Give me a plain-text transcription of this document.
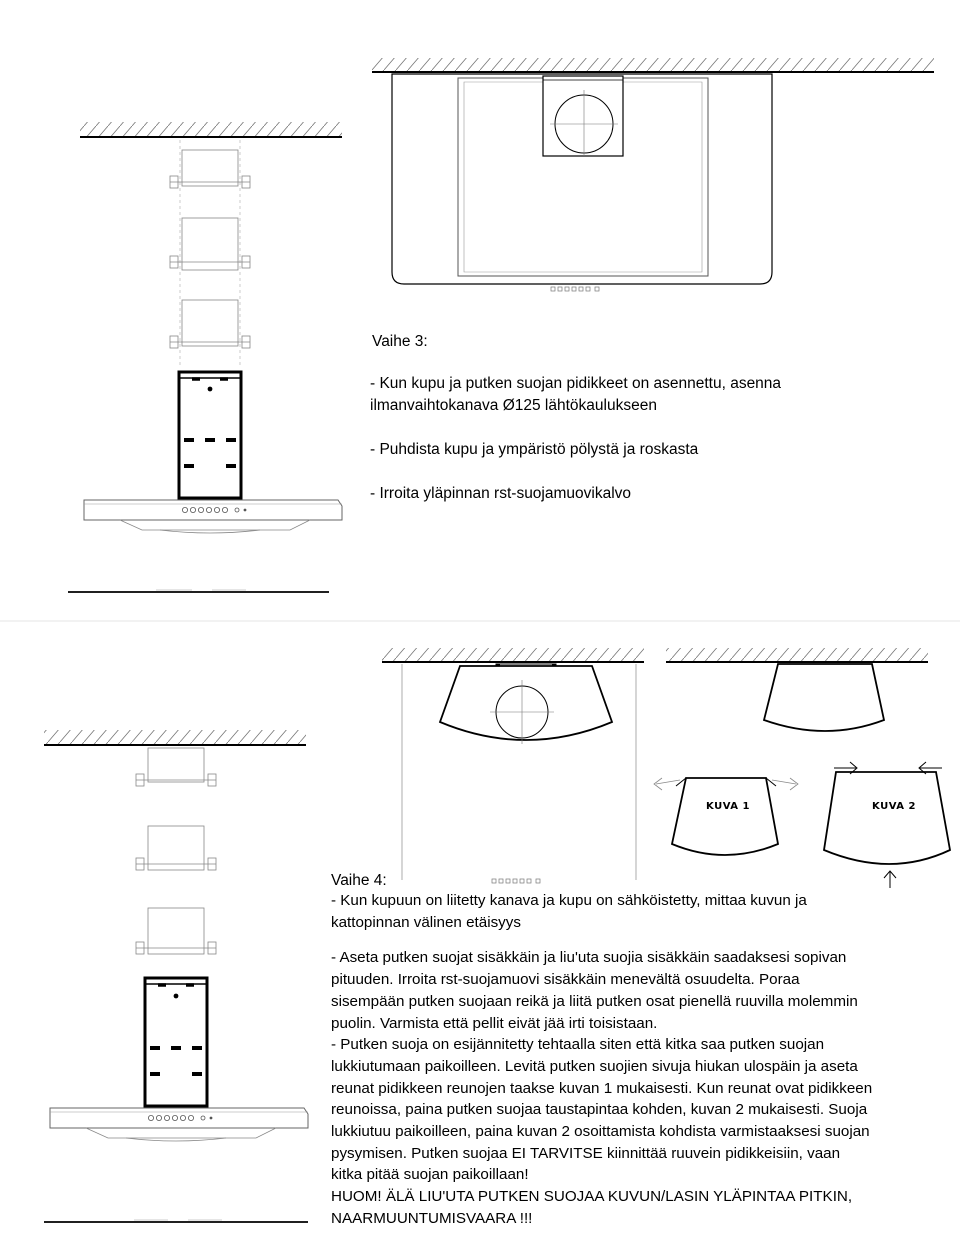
KUVA 1	KUVA 2
Vaihe 3:
- Kun kupu ja putken suojan pidikkeet on asennettu, asenna
ilmanvaihtokanava Ø125 lähtökaulukseen
- Puhdista kupu ja ympäristö pölystä ja roskasta
- Irroita yläpinnan rst-suojamuovikalvo
Vaihe 4:
- Kun kupuun on liitetty kanava ja kupu on sähköistetty, mittaa kuvun ja
kattopinnan välinen etäisyys
- Aseta putken suojat sisäkkäin ja liu'uta suojia sisäkkäin saadaksesi sopivan
pituuden. Irroita rst-suojamuovi sisäkkäin menevältä osuudelta. Poraa
sisempään putken suojaan reikä ja liitä putken osat pienellä ruuvilla molemmin
puolin. Varmista että pellit eivät jää irti toisistaan.
- Putken suoja on esijännitetty tehtaalla siten että kitka saa putken suojan
lukkiutumaan paikoilleen. Levitä putken suojien sivuja hiukan ulospäin ja aseta
reunat pidikkeen reunojen taakse kuvan 1 mukaisesti. Kun reunat ovat pidikkeen
reunoissa, paina putken suojaa taustapintaa kohden, kuvan 2 mukaisesti. Suoja
lukkiutuu paikoilleen, paina kuvan 2 osoittamista kohdista varmistaaksesi suojan
pysymisen. Putken suojaa EI TARVITSE kiinnittää ruuvein pidikkeisiin, vaan
kitka pitää suojan paikoillaan!
HUOM! ÄLÄ LIU'UTA PUTKEN SUOJAA KUVUN/LASIN YLÄPINTAA PITKIN,
NAARMUUNTUMISVAARA !!!
